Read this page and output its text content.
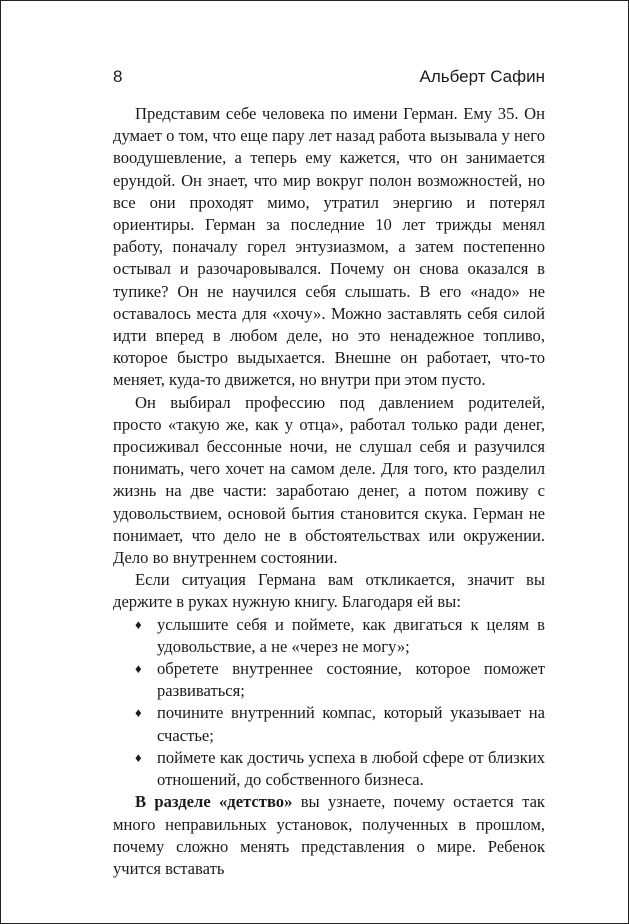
8	Альберт Сафин

Представим себе человека по имени Герман. Ему 35. Он думает о том, что еще пару лет назад работа вызывала у него воодушевление, а теперь ему кажется, что он занимается ерундой. Он знает, что мир вокруг полон возможностей, но все они проходят мимо, утратил энергию и потерял ориентиры. Герман за последние 10 лет трижды менял работу, поначалу горел энтузиазмом, а затем постепенно остывал и разочаровывался. Почему он снова оказался в тупике? Он не научился себя слышать. В его «надо» не оставалось места для «хочу». Можно заставлять себя силой идти вперед в любом деле, но это ненадежное топливо, которое быстро выдыхается. Внешне он работает, что-то меняет, куда-то движется, но внутри при этом пусто.

Он выбирал профессию под давлением родителей, просто «такую же, как у отца», работал только ради денег, просиживал бессонные ночи, не слушал себя и разучился понимать, чего хочет на самом деле. Для того, кто разделил жизнь на две части: заработаю денег, а потом поживу с удовольствием, основой бытия становится скука. Герман не понимает, что дело не в обстоятельствах или окружении. Дело во внутреннем состоянии.

Если ситуация Германа вам откликается, значит вы держите в руках нужную книгу. Благодаря ей вы:

♦ услышите себя и поймете, как двигаться к целям в удовольствие, а не «через не могу»;
♦ обретете внутреннее состояние, которое поможет развиваться;
♦ почините внутренний компас, который указывает на счастье;
♦ поймете как достичь успеха в любой сфере от близких отношений, до собственного бизнеса.

В разделе «детство» вы узнаете, почему остается так много неправильных установок, полученных в прошлом, почему сложно менять представления о мире. Ребенок учится вставать
